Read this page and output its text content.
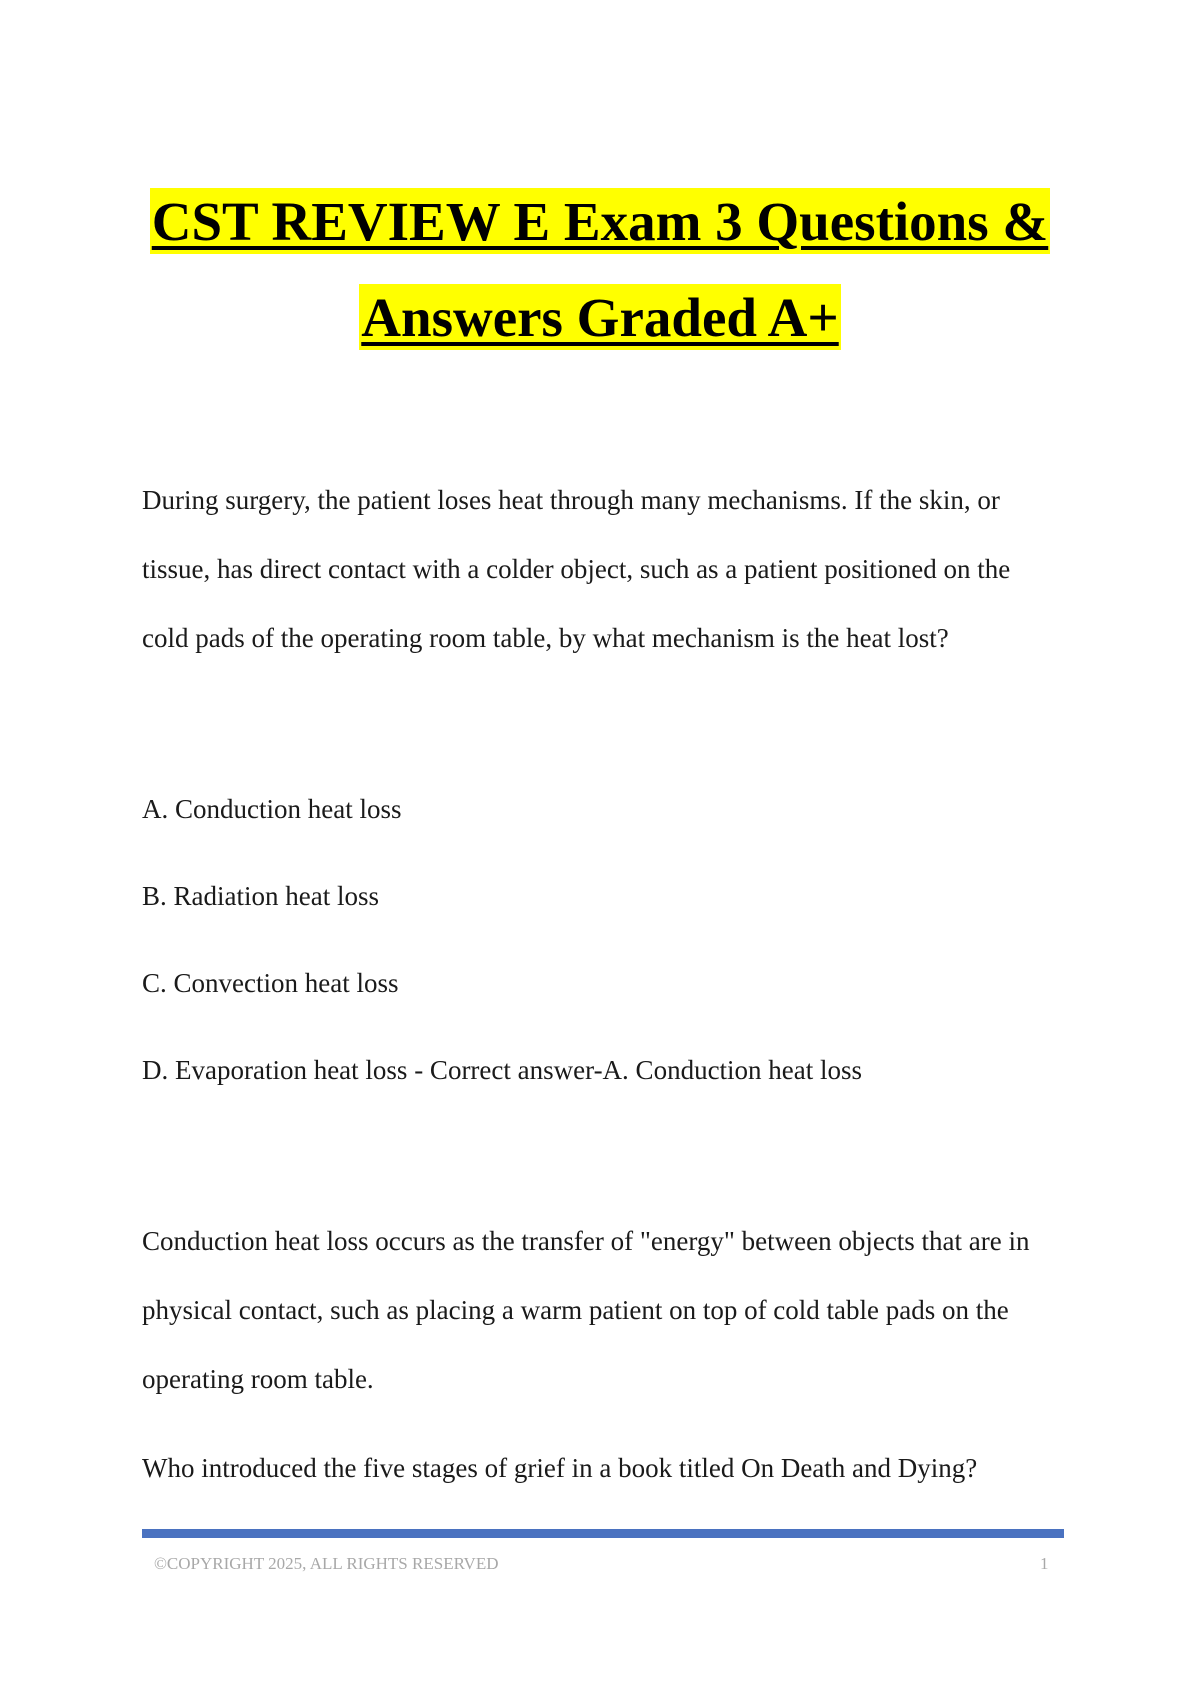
CST REVIEW E Exam 3 Questions &
Answers Graded A+

During surgery, the patient loses heat through many mechanisms. If the skin, or
tissue, has direct contact with a colder object, such as a patient positioned on the
cold pads of the operating room table, by what mechanism is the heat lost?

A. Conduction heat loss

B. Radiation heat loss

C. Convection heat loss

D. Evaporation heat loss - Correct answer-A. Conduction heat loss

Conduction heat loss occurs as the transfer of "energy" between objects that are in
physical contact, such as placing a warm patient on top of cold table pads on the
operating room table.

Who introduced the five stages of grief in a book titled On Death and Dying?

©COPYRIGHT 2025, ALL RIGHTS RESERVED	1
